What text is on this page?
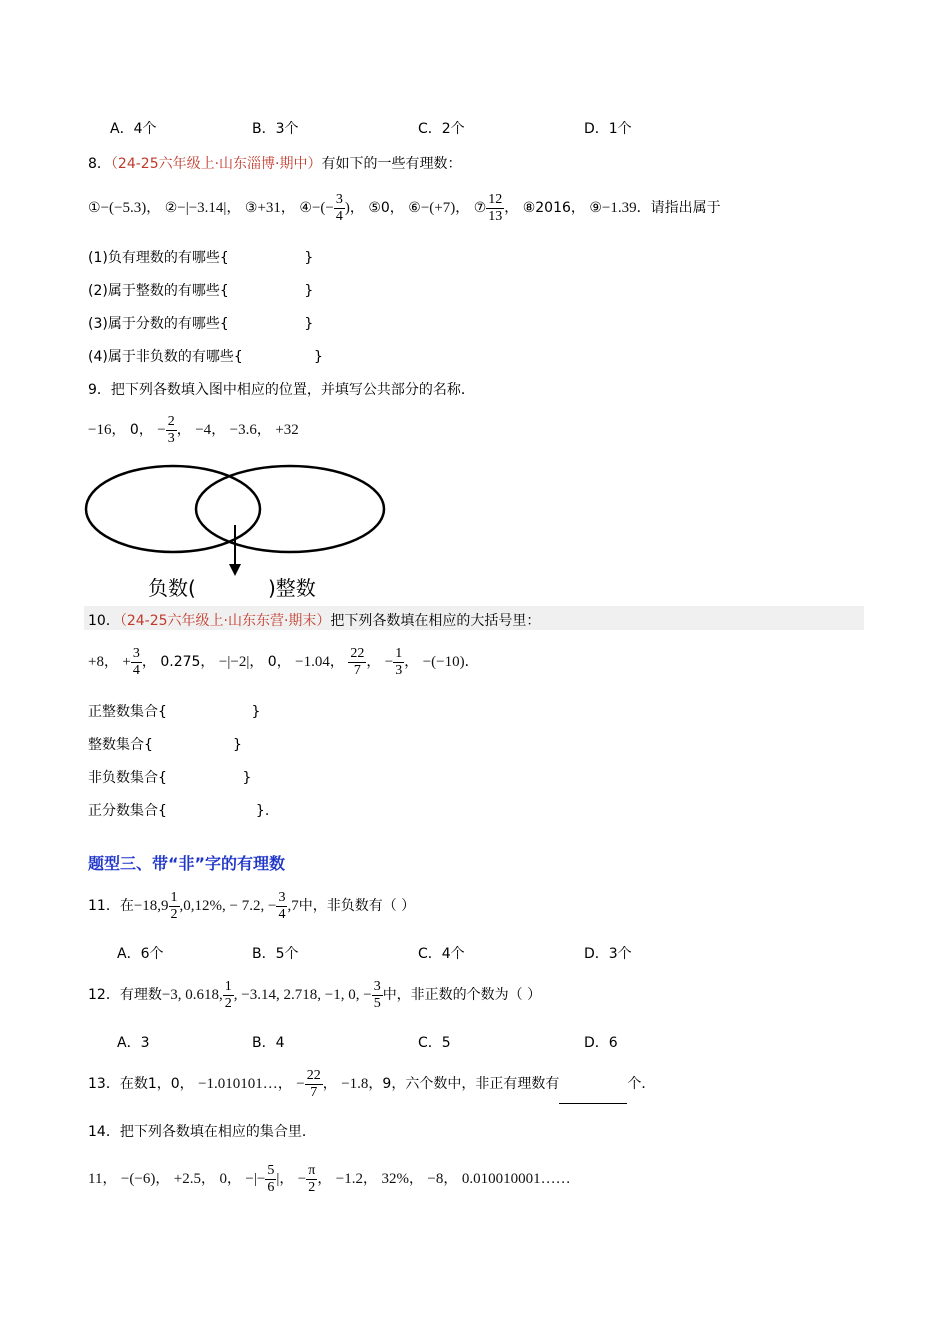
A．4个	B．3个	C．2个	D．1个
8．（24-25六年级上·山东淄博·期中）有如下的一些有理数：
①−(−5.3)， ②−|−3.14|， ③+31， ④−(− $\frac{3}{4}$ )， ⑤0， ⑥−(+7)， ⑦ $\frac{12}{13}$ ， ⑧2016， ⑨−1.39．请指出属于
(1)负有理数的有哪些{                 }
(2)属于整数的有哪些{                 }
(3)属于分数的有哪些{                 }
(4)属于非负数的有哪些{                }
9．把下列各数填入图中相应的位置，并填写公共部分的名称．
−16， 0， − $\frac{2}{3}$ ， −4， −3.6， +32
负数(	)整数
10．（24-25六年级上·山东东营·期末）把下列各数填在相应的大括号里：
+8， + $\frac{3}{4}$ ， 0.275， −|−2|， 0， −1.04， $\frac{22}{7}$ ， − $\frac{1}{3}$ ， −(−10)．
正整数集合{                   }
整数集合{                  }
非负数集合{                 }
正分数集合{                    }.
题型三、带“非”字的有理数
11．在$-18,9 \frac{1}{2} ,0,12\%$, − 7.2, − $\frac{3}{4} ,7$中，非负数有（ ）
A．6个	B．5个	C．4个	D．3个
12．有理数−3, 0.618, $\frac{1}{2}$ , −3.14, 2.718, −1, 0, − $\frac{3}{5}$ 中，非正数的个数为（ ）
A．3	B．4	C．5	D．6
13．在数1，0， −1.010101…， − $\frac{22}{7}$ ， −1.8，9，六个数中，非正有理数有	个．
14．把下列各数填在相应的集合里．
11， −(−6)， +2.5， 0， −|− $\frac{5}{6}$ |， − $\frac{\pi}{2}$ ， −1.2， 32%， −8， 0.010010001……
